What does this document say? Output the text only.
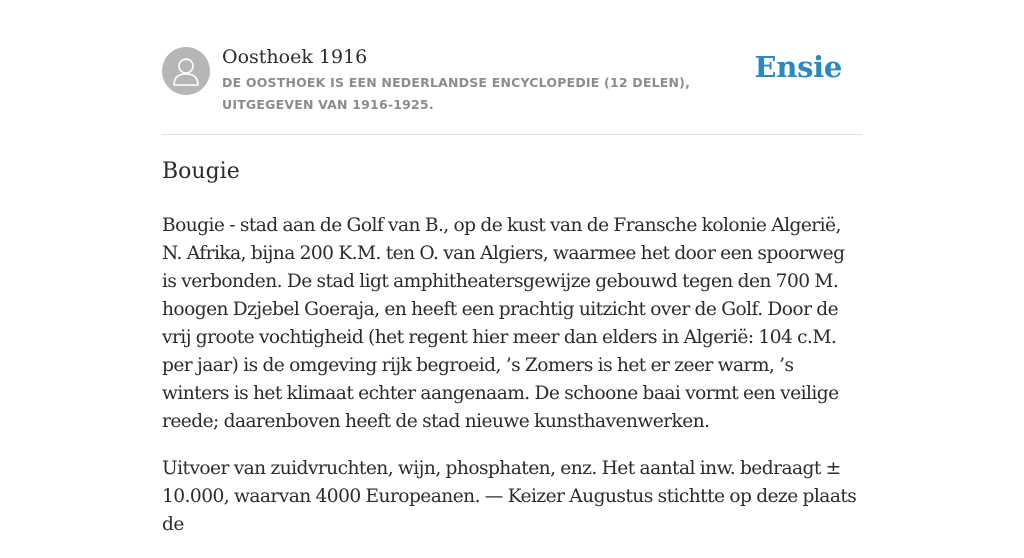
Oosthoek 1916

DE OOSTHOEK IS EEN NEDERLANDSE ENCYCLOPEDIE (12 DELEN), UITGEGEVEN VAN 1916-1925.

Ensie
Bougie

Bougie - stad aan de Golf van B., op de kust van de Fransche kolonie Algerië, N. Afrika, bijna 200 K.M. ten O. van Algiers, waarmee het door een spoorweg is verbonden. De stad ligt amphitheatersgewijze gebouwd tegen den 700 M. hoogen Dzjebel Goeraja, en heeft een prachtig uitzicht over de Golf. Door de vrij groote vochtigheid (het regent hier meer dan elders in Algerië: 104 c.M. per jaar) is de omgeving rijk begroeid, ’s Zomers is het er zeer warm, ’s winters is het klimaat echter aangenaam. De schoone baai vormt een veilige reede; daarenboven heeft de stad nieuwe kunsthavenwerken.

Uitvoer van zuidvruchten, wijn, phosphaten, enz. Het aantal inw. bedraagt ± 10.000, waarvan 4000 Europeanen. — Keizer Augustus stichtte op deze plaats de
